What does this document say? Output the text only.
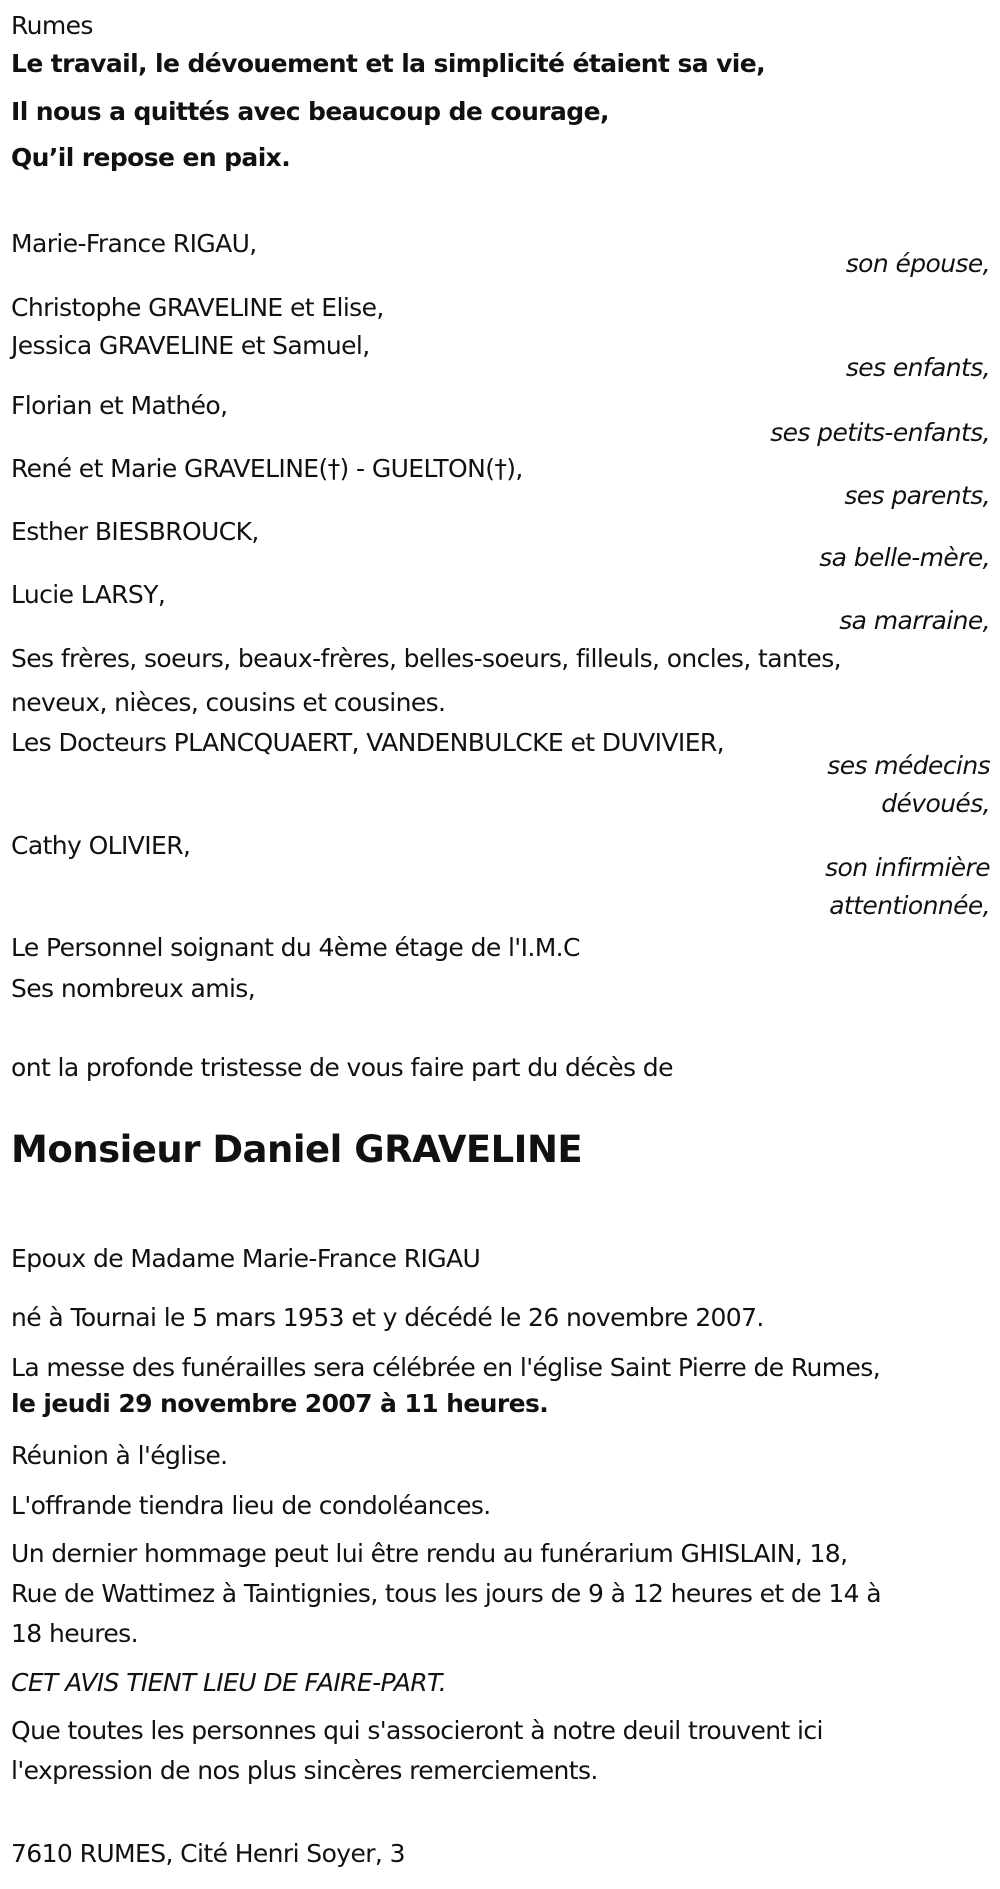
Rumes
Le travail, le dévouement et la simplicité étaient sa vie,
Il nous a quittés avec beaucoup de courage,
Qu’il repose en paix.
Marie-France RIGAU,
son épouse,
Christophe GRAVELINE et Elise,
Jessica GRAVELINE et Samuel,
ses enfants,
Florian et Mathéo,
ses petits-enfants,
René et Marie GRAVELINE(†) - GUELTON(†),
ses parents,
Esther BIESBROUCK,
sa belle-mère,
Lucie LARSY,
sa marraine,
Ses frères, soeurs, beaux-frères, belles-soeurs, filleuls, oncles, tantes,
neveux, nièces, cousins et cousines.
Les Docteurs PLANCQUAERT, VANDENBULCKE et DUVIVIER,
ses médecins
dévoués,
Cathy OLIVIER,
son infirmière
attentionnée,
Le Personnel soignant du 4ème étage de l'I.M.C
Ses nombreux amis,
ont la profonde tristesse de vous faire part du décès de
Monsieur Daniel GRAVELINE
Epoux de Madame Marie-France RIGAU
né à Tournai le 5 mars 1953 et y décédé le 26 novembre 2007.
La messe des funérailles sera célébrée en l'église Saint Pierre de Rumes,
le jeudi 29 novembre 2007 à 11 heures.
Réunion à l'église.
L'offrande tiendra lieu de condoléances.
Un dernier hommage peut lui être rendu au funérarium GHISLAIN, 18,
Rue de Wattimez à Taintignies, tous les jours de 9 à 12 heures et de 14 à
18 heures.
CET AVIS TIENT LIEU DE FAIRE-PART.
Que toutes les personnes qui s'associeront à notre deuil trouvent ici
l'expression de nos plus sincères remerciements.
7610 RUMES, Cité Henri Soyer, 3
